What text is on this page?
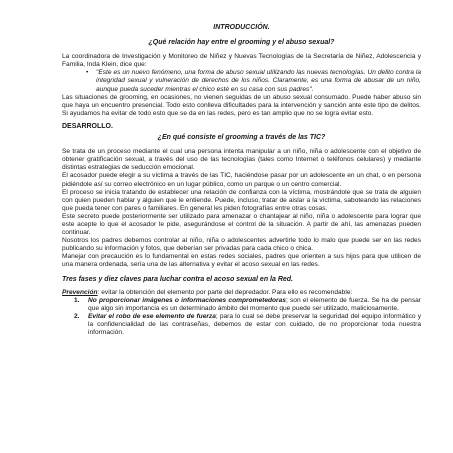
INTRODUCCIÓN.

¿Qué relación hay entre el grooming y el abuso sexual?

La coordinadora de Investigación y Monitoreo de Niñez y Nuevas Tecnologías de la Secretaría de Niñez, Adolescencia y Familia, Inda Klein, dice que:

•	"Este es un nuevo fenómeno, una forma de abuso sexual utilizando las nuevas tecnologías. Un delito contra la integridad sexual y vulneración de derechos de los niños. Claramente, es una forma de abusar de un niño, aunque pueda suceder mientras el chico esté en su casa con sus padres".

Las situaciones de grooming, en ocasiones, no vienen seguidas de un abuso sexual consumado. Puede haber abuso sin que haya un encuentro presencial. Todo esto conlleva dificultades para la intervención y sanción ante este tipo de delitos. Si ayudamos ha evitar de todo esto que se da en las redes, pero es tan amplio que no se logra evitar esto.

DESARROLLO.

¿En qué consiste el grooming a través de las TIC?

Se trata de un proceso mediante el cual una persona intenta manipular a un niño, niña o adolescente con el objetivo de obtener gratificación sexual, a través del uso de las tecnologías (tales como Internet o teléfonos celulares) y mediante distintas estrategias de seducción emocional.

El acosador puede elegir a su víctima a través de las TIC, haciéndose pasar por un adolescente en un chat, o en persona pidiéndole así su correo electrónico en un lugar público, como un parque o un centro comercial.

El proceso se inicia tratando de establecer una relación de confianza con la víctima, mostrándole que se trata de alguien con quien pueden hablar y alguien que le entiende. Puede, incluso, tratar de aislar a la víctima, saboteando las relaciones que pueda tener con pares o familiares. En general les piden fotografías entre otras cosas.

Este secreto puede posteriormente ser utilizado para amenazar o chantajear al niño, niña o adolescente para lograr que este acepte lo que el acosador le pide, asegurándose el control de la situación. A partir de ahí, las amenazas pueden continuar.

Nosotros los padres debemos controlar al niño, niña o adolescentes advertirle todo lo malo que puede ser en las redes publicando su información y fotos, que deberían ser privadas para cada chico o chica.

Manejar con precaución es lo fundamental en estas redes sociales, padres que orienten a sus hijos para que utilicen de una manera ordenada, sería una de las alternativa y evitar el acoso sexual en las redes.

Tres fases y diez claves para luchar contra el acoso sexual en la Red.

Prevención: evitar la obtención del elemento por parte del depredador. Para ello es recomendable:

1.	No proporcionar imágenes o informaciones comprometedoras; son el elemento de fuerza. Se ha de pensar que algo sin importancia es un determinado ámbito del momento que puede ser utilizado, maliciosamente.
2.	Evitar el robo de ese elemento de fuerza; para lo cual se debe preservar la seguridad del equipo informático y la confidencialidad de las contraseñas, debemos de estar con cuidado, de no proporcionar toda nuestra información.
